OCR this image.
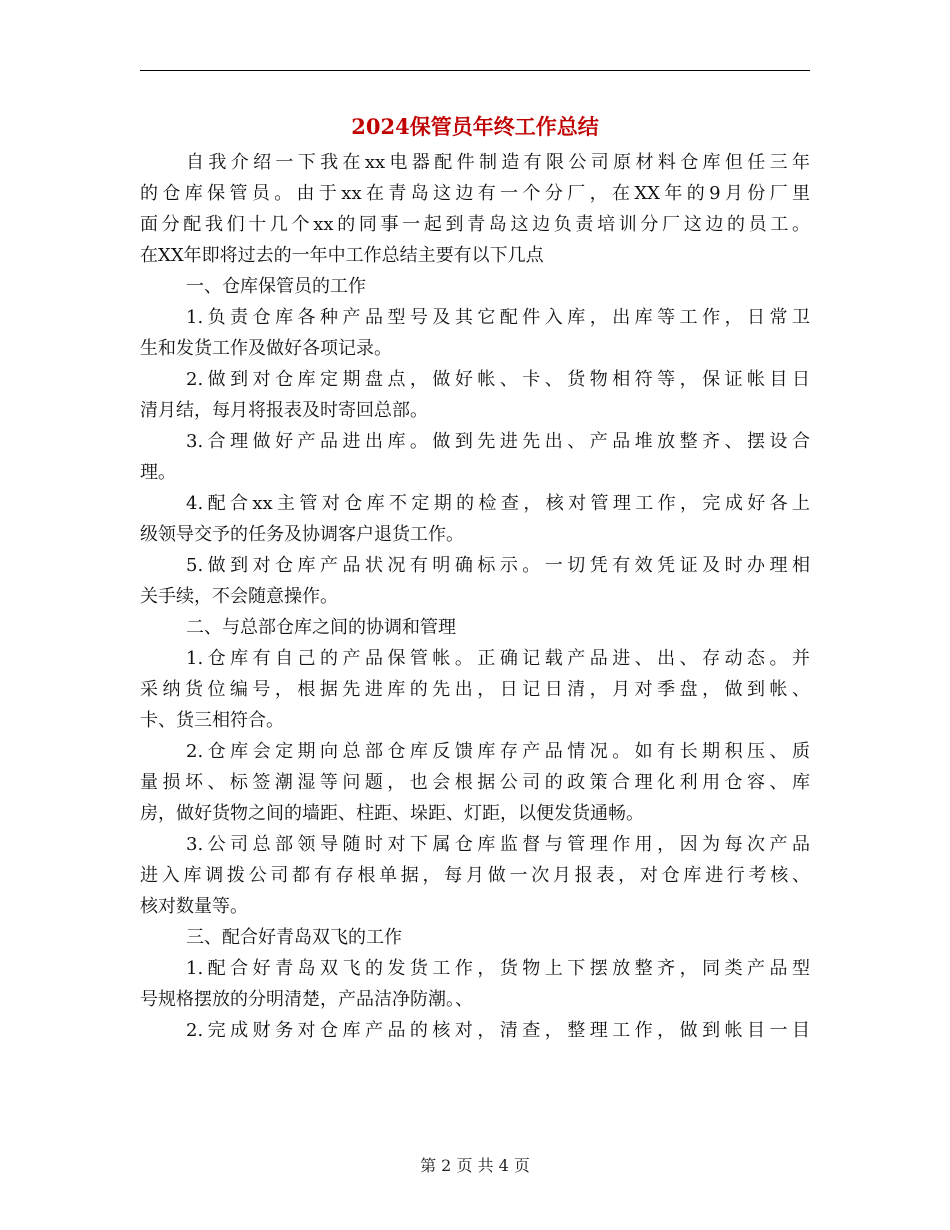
2024保管员年终工作总结
自我介绍一下我在xx电器配件制造有限公司原材料仓库但任三年
的仓库保管员。由于xx在青岛这边有一个分厂，在XX年的9月份厂里
面分配我们十几个xx的同事一起到青岛这边负责培训分厂这边的员工。
在XX年即将过去的一年中工作总结主要有以下几点
一、仓库保管员的工作
1.负责仓库各种产品型号及其它配件入库，出库等工作，日常卫
生和发货工作及做好各项记录。
2.做到对仓库定期盘点，做好帐、卡、货物相符等，保证帐目日
清月结，每月将报表及时寄回总部。
3.合理做好产品进出库。做到先进先出、产品堆放整齐、摆设合
理。
4.配合xx主管对仓库不定期的检查，核对管理工作，完成好各上
级领导交予的任务及协调客户退货工作。
5.做到对仓库产品状况有明确标示。一切凭有效凭证及时办理相
关手续，不会随意操作。
二、与总部仓库之间的协调和管理
1.仓库有自己的产品保管帐。正确记载产品进、出、存动态。并
采纳货位编号，根据先进库的先出，日记日清，月对季盘，做到帐、
卡、货三相符合。
2.仓库会定期向总部仓库反馈库存产品情况。如有长期积压、质
量损坏、标签潮湿等问题，也会根据公司的政策合理化利用仓容、库
房，做好货物之间的墙距、柱距、垛距、灯距，以便发货通畅。
3.公司总部领导随时对下属仓库监督与管理作用，因为每次产品
进入库调拨公司都有存根单据，每月做一次月报表，对仓库进行考核、
核对数量等。
三、配合好青岛双飞的工作
1.配合好青岛双飞的发货工作，货物上下摆放整齐，同类产品型
号规格摆放的分明清楚，产品洁净防潮。、
2.完成财务对仓库产品的核对，清查，整理工作，做到帐目一目
第 2 页 共 4 页
